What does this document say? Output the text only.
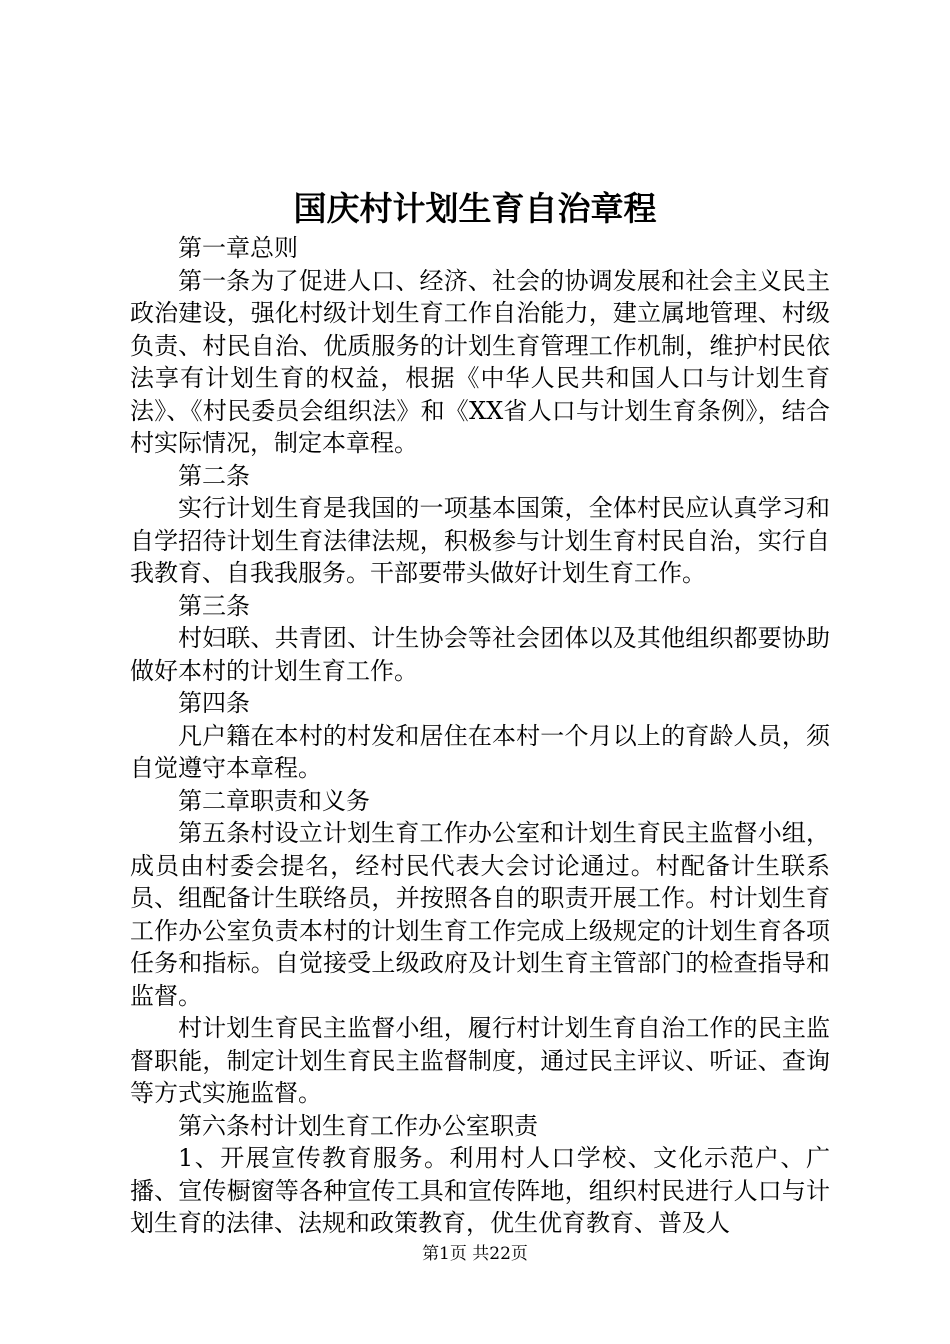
国庆村计划生育自治章程

第一章总则

第一条为了促进人口、经济、社会的协调发展和社会主义民主政治建设，强化村级计划生育工作自治能力，建立属地管理、村级负责、村民自治、优质服务的计划生育管理工作机制，维护村民依法享有计划生育的权益，根据《中华人民共和国人口与计划生育法》、《村民委员会组织法》和《XX省人口与计划生育条例》，结合村实际情况，制定本章程。

第二条

实行计划生育是我国的一项基本国策，全体村民应认真学习和自学招待计划生育法律法规，积极参与计划生育村民自治，实行自我教育、自我我服务。干部要带头做好计划生育工作。

第三条

村妇联、共青团、计生协会等社会团体以及其他组织都要协助做好本村的计划生育工作。

第四条

凡户籍在本村的村发和居住在本村一个月以上的育龄人员，须自觉遵守本章程。

第二章职责和义务

第五条村设立计划生育工作办公室和计划生育民主监督小组，成员由村委会提名，经村民代表大会讨论通过。村配备计生联系员、组配备计生联络员，并按照各自的职责开展工作。村计划生育工作办公室负责本村的计划生育工作完成上级规定的计划生育各项任务和指标。自觉接受上级政府及计划生育主管部门的检查指导和监督。

村计划生育民主监督小组，履行村计划生育自治工作的民主监督职能，制定计划生育民主监督制度，通过民主评议、听证、查询等方式实施监督。

第六条村计划生育工作办公室职责

1、开展宣传教育服务。利用村人口学校、文化示范户、广播、宣传橱窗等各种宣传工具和宣传阵地，组织村民进行人口与计划生育的法律、法规和政策教育，优生优育教育、普及人

第1页 共22页
